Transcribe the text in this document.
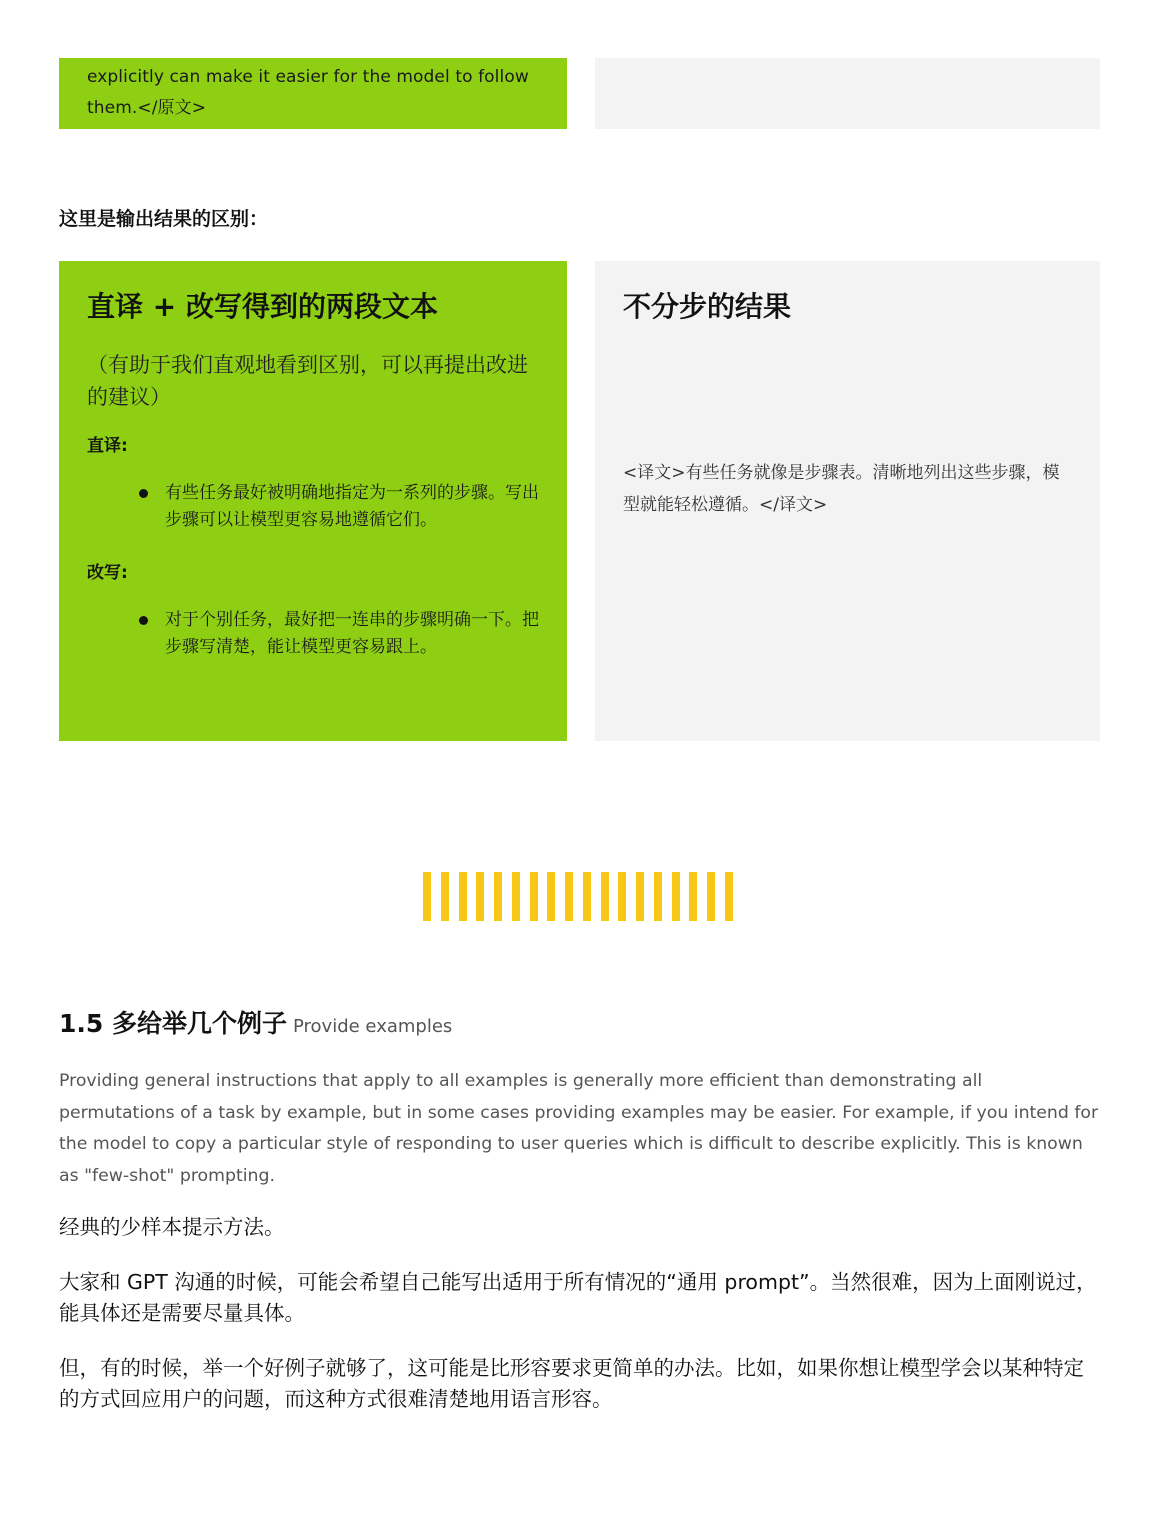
explicitly can make it easier for the model to follow them.</原文>

这里是输出结果的区别：

直译 + 改写得到的两段文本

（有助于我们直观地看到区别，可以再提出改进的建议）

直译:

有些任务最好被明确地指定为一系列的步骤。写出步骤可以让模型更容易地遵循它们。

改写:

对于个别任务，最好把一连串的步骤明确一下。把步骤写清楚，能让模型更容易跟上。
不分步的结果

<译文>有些任务就像是步骤表。清晰地列出这些步骤，模型就能轻松遵循。</译文>

1.5 多给举几个例子 Provide examples

Providing general instructions that apply to all examples is generally more efficient than demonstrating all permutations of a task by example, but in some cases providing examples may be easier. For example, if you intend for the model to copy a particular style of responding to user queries which is difficult to describe explicitly. This is known as "few-shot" prompting.

经典的少样本提示方法。

大家和 GPT 沟通的时候，可能会希望自己能写出适用于所有情况的“通用 prompt”。当然很难，因为上面刚说过，能具体还是需要尽量具体。

但，有的时候，举一个好例子就够了，这可能是比形容要求更简单的办法。比如，如果你想让模型学会以某种特定的方式回应用户的问题，而这种方式很难清楚地用语言形容。
